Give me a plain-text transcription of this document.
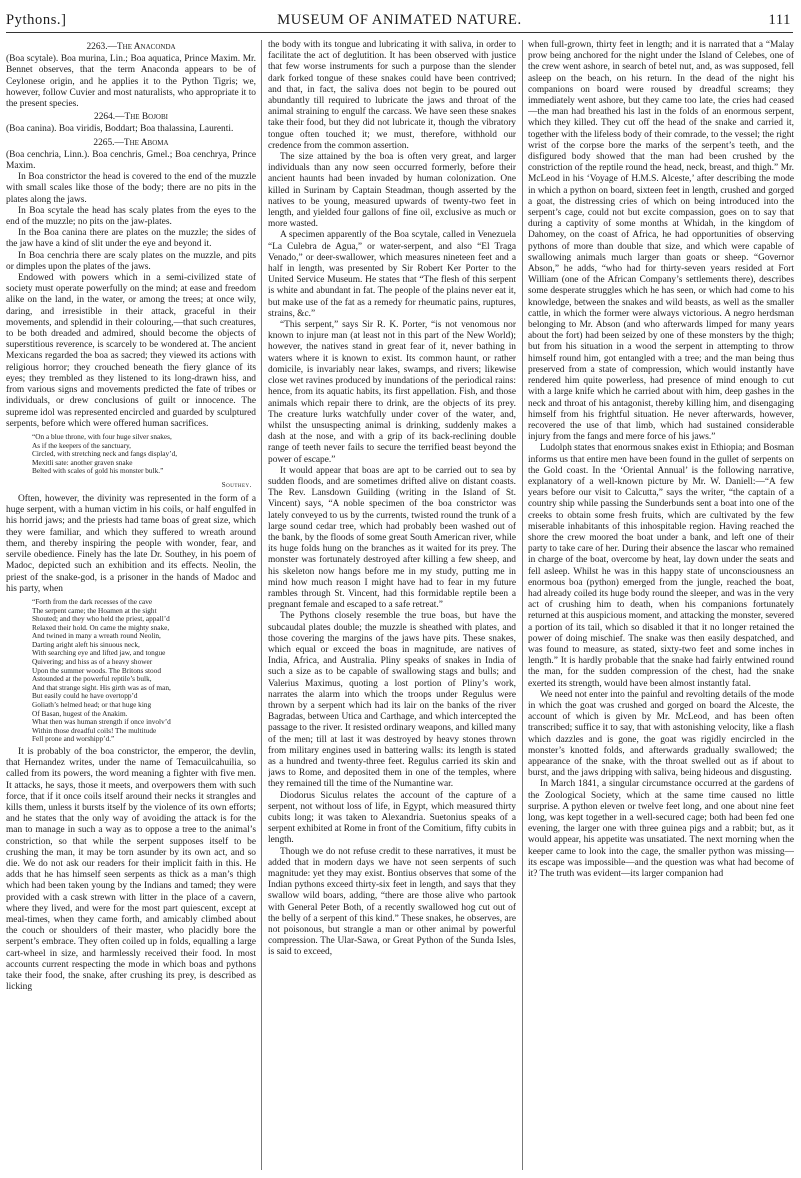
Pythons.]	MUSEUM OF ANIMATED NATURE.	111
2263.—The Anaconda

(Boa scytale). Boa murina, Lin.; Boa aquatica, Prince Maxim. Mr. Bennet observes, that the term Anaconda appears to be of Ceylonese origin, and he applies it to the Python Tigris; we, however, follow Cuvier and most naturalists, who appropriate it to the present species.

2264.—The Bojobi

(Boa canina). Boa viridis, Boddart; Boa thalassina, Laurenti.

2265.—The Aboma

(Boa cenchria, Linn.). Boa cenchris, Gmel.; Boa cenchrya, Prince Maxim.

In Boa constrictor the head is covered to the end of the muzzle with small scales like those of the body; there are no pits in the plates along the jaws.

In Boa scytale the head has scaly plates from the eyes to the end of the muzzle; no pits on the jaw-plates.

In the Boa canina there are plates on the muzzle; the sides of the jaw have a kind of slit under the eye and beyond it.

In Boa cenchria there are scaly plates on the muzzle, and pits or dimples upon the plates of the jaws.

Endowed with powers which in a semi-civilized state of society must operate powerfully on the mind; at ease and freedom alike on the land, in the water, or among the trees; at once wily, daring, and irresistible in their attack, graceful in their movements, and splendid in their colouring,—that such creatures, to be both dreaded and admired, should become the objects of superstitious reverence, is scarcely to be wondered at. The ancient Mexicans regarded the boa as sacred; they viewed its actions with religious horror; they crouched beneath the fiery glance of its eyes; they trembled as they listened to its long-drawn hiss, and from various signs and movements predicted the fate of tribes or individuals, or drew conclusions of guilt or innocence. The supreme idol was represented encircled and guarded by sculptured serpents, before which were offered human sacrifices.

“On a blue throne, with four huge silver snakes,
As if the keepers of the sanctuary,
Circled, with stretching neck and fangs display’d,
Mexitli sate: another graven snake
Belted with scales of gold his monster bulk.”
Southey.

Often, however, the divinity was represented in the form of a huge serpent, with a human victim in his coils, or half engulfed in his horrid jaws; and the priests had tame boas of great size, which they were familiar, and which they suffered to wreath around them, and thereby inspiring the people with wonder, fear, and servile obedience. Finely has the late Dr. Southey, in his poem of Madoc, depicted such an exhibition and its effects. Neolin, the priest of the snake-god, is a prisoner in the hands of Madoc and his party, when

“Forth from the dark recesses of the cave
The serpent came; the Hoamen at the sight
Shouted; and they who held the priest, appall’d
Relaxed their hold. On came the mighty snake,
And twined in many a wreath round Neolin,
Darting aright aleft his sinuous neck,
With searching eye and lifted jaw, and tongue
Quivering; and hiss as of a heavy shower
Upon the summer woods. The Britons stood
Astounded at the powerful reptile’s bulk,
And that strange sight. His girth was as of man,
But easily could he have overtopp’d
Goliath’s helmed head; or that huge king
Of Basan, hugest of the Anakim.
What then was human strength if once involv’d
Within those dreadful coils! The multitude
Fell prone and worshipp’d.”

It is probably of the boa constrictor, the emperor, the devlin, that Hernandez writes, under the name of Temacuilcahuilia, so called from its powers, the word meaning a fighter with five men. It attacks, he says, those it meets, and overpowers them with such force, that if it once coils itself around their necks it strangles and kills them, unless it bursts itself by the violence of its own efforts; and he states that the only way of avoiding the attack is for the man to manage in such a way as to oppose a tree to the animal’s constriction, so that while the serpent supposes itself to be crushing the man, it may be torn asunder by its own act, and so die. We do not ask our readers for their implicit faith in this. He adds that he has himself seen serpents as thick as a man’s thigh which had been taken young by the Indians and tamed; they were provided with a cask strewn with litter in the place of a cavern, where they lived, and were for the most part quiescent, except at meal-times, when they came forth, and amicably climbed about the couch or shoulders of their master, who placidly bore the serpent’s embrace. They often coiled up in folds, equalling a large cart-wheel in size, and harmlessly received their food. In most accounts current respecting the mode in which boas and pythons take their food, the snake, after crushing its prey, is described as licking

the body with its tongue and lubricating it with saliva, in order to facilitate the act of deglutition. It has been observed with justice that few worse instruments for such a purpose than the slender dark forked tongue of these snakes could have been contrived; and that, in fact, the saliva does not begin to be poured out abundantly till required to lubricate the jaws and throat of the animal straining to engulf the carcass. We have seen these snakes take their food, but they did not lubricate it, though the vibratory tongue often touched it; we must, therefore, withhold our credence from the common assertion.

The size attained by the boa is often very great, and larger individuals than any now seen occurred formerly, before their ancient haunts had been invaded by human colonization. One killed in Surinam by Captain Steadman, though asserted by the natives to be young, measured upwards of twenty-two feet in length, and yielded four gallons of fine oil, exclusive as much or more wasted.

A specimen apparently of the Boa scytale, called in Venezuela “La Culebra de Agua,” or water-serpent, and also “El Traga Venado,” or deer-swallower, which measures nineteen feet and a half in length, was presented by Sir Robert Ker Porter to the United Service Museum. He states that “The flesh of this serpent is white and abundant in fat. The people of the plains never eat it, but make use of the fat as a remedy for rheumatic pains, ruptures, strains, &c.”

“This serpent,” says Sir R. K. Porter, “is not venomous nor known to injure man (at least not in this part of the New World); however, the natives stand in great fear of it, never bathing in waters where it is known to exist. Its common haunt, or rather domicile, is invariably near lakes, swamps, and rivers; likewise close wet ravines produced by inundations of the periodical rains: hence, from its aquatic habits, its first appellation. Fish, and those animals which repair there to drink, are the objects of its prey. The creature lurks watchfully under cover of the water, and, whilst the unsuspecting animal is drinking, suddenly makes a dash at the nose, and with a grip of its back-reclining double range of teeth never fails to secure the terrified beast beyond the power of escape.”

It would appear that boas are apt to be carried out to sea by sudden floods, and are sometimes drifted alive on distant coasts. The Rev. Lansdown Guilding (writing in the Island of St. Vincent) says, “A noble specimen of the boa constrictor was lately conveyed to us by the currents, twisted round the trunk of a large sound cedar tree, which had probably been washed out of the bank, by the floods of some great South American river, while its huge folds hung on the branches as it waited for its prey. The monster was fortunately destroyed after killing a few sheep, and his skeleton now hangs before me in my study, putting me in mind how much reason I might have had to fear in my future rambles through St. Vincent, had this formidable reptile been a pregnant female and escaped to a safe retreat.”

The Pythons closely resemble the true boas, but have the subcaudal plates double; the muzzle is sheathed with plates, and those covering the margins of the jaws have pits. These snakes, which equal or exceed the boas in magnitude, are natives of India, Africa, and Australia. Pliny speaks of snakes in India of such a size as to be capable of swallowing stags and bulls; and Valerius Maximus, quoting a lost portion of Pliny’s work, narrates the alarm into which the troops under Regulus were thrown by a serpent which had its lair on the banks of the river Bagradas, between Utica and Carthage, and which intercepted the passage to the river. It resisted ordinary weapons, and killed many of the men; till at last it was destroyed by heavy stones thrown from military engines used in battering walls: its length is stated as a hundred and twenty-three feet. Regulus carried its skin and jaws to Rome, and deposited them in one of the temples, where they remained till the time of the Numantine war.

Diodorus Siculus relates the account of the capture of a serpent, not without loss of life, in Egypt, which measured thirty cubits long; it was taken to Alexandria. Suetonius speaks of a serpent exhibited at Rome in front of the Comitium, fifty cubits in length.

Though we do not refuse credit to these narratives, it must be added that in modern days we have not seen serpents of such magnitude: yet they may exist. Bontius observes that some of the Indian pythons exceed thirty-six feet in length, and says that they swallow wild boars, adding, “there are those alive who partook with General Peter Both, of a recently swallowed hog cut out of the belly of a serpent of this kind.” These snakes, he observes, are not poisonous, but strangle a man or other animal by powerful compression. The Ular-Sawa, or Great Python of the Sunda Isles, is said to exceed,

when full-grown, thirty feet in length; and it is narrated that a “Malay prow being anchored for the night under the Island of Celebes, one of the crew went ashore, in search of betel nut, and, as was supposed, fell asleep on the beach, on his return. In the dead of the night his companions on board were roused by dreadful screams; they immediately went ashore, but they came too late, the cries had ceased —the man had breathed his last in the folds of an enormous serpent, which they killed. They cut off the head of the snake and carried it, together with the lifeless body of their comrade, to the vessel; the right wrist of the corpse bore the marks of the serpent’s teeth, and the disfigured body showed that the man had been crushed by the constriction of the reptile round the head, neck, breast, and thigh.” Mr. McLeod in his ‘Voyage of H.M.S. Alceste,’ after describing the mode in which a python on board, sixteen feet in length, crushed and gorged a goat, the distressing cries of which on being introduced into the serpent’s cage, could not but excite compassion, goes on to say that during a captivity of some months at Whidah, in the kingdom of Dahomey, on the coast of Africa, he had opportunities of observing pythons of more than double that size, and which were capable of swallowing animals much larger than goats or sheep. “Governor Abson,” he adds, “who had for thirty-seven years resided at Fort William (one of the African Company’s settlements there), describes some desperate struggles which he has seen, or which had come to his knowledge, between the snakes and wild beasts, as well as the smaller cattle, in which the former were always victorious. A negro herdsman belonging to Mr. Abson (and who afterwards limped for many years about the fort) had been seized by one of these monsters by the thigh; but from his situation in a wood the serpent in attempting to throw himself round him, got entangled with a tree; and the man being thus preserved from a state of compression, which would instantly have rendered him quite powerless, had presence of mind enough to cut with a large knife which he carried about with him, deep gashes in the neck and throat of his antagonist, thereby killing him, and disengaging himself from his frightful situation. He never afterwards, however, recovered the use of that limb, which had sustained considerable injury from the fangs and mere force of his jaws.”

Ludolph states that enormous snakes exist in Ethiopia; and Bosman informs us that entire men have been found in the gullet of serpents on the Gold coast. In the ‘Oriental Annual’ is the following narrative, explanatory of a well-known picture by Mr. W. Daniell:—“A few years before our visit to Calcutta,” says the writer, “the captain of a country ship while passing the Sunderbunds sent a boat into one of the creeks to obtain some fresh fruits, which are cultivated by the few miserable inhabitants of this inhospitable region. Having reached the shore the crew moored the boat under a bank, and left one of their party to take care of her. During their absence the lascar who remained in charge of the boat, overcome by heat, lay down under the seats and fell asleep. Whilst he was in this happy state of unconsciousness an enormous boa (python) emerged from the jungle, reached the boat, had already coiled its huge body round the sleeper, and was in the very act of crushing him to death, when his companions fortunately returned at this auspicious moment, and attacking the monster, severed a portion of its tail, which so disabled it that it no longer retained the power of doing mischief. The snake was then easily despatched, and was found to measure, as stated, sixty-two feet and some inches in length.” It is hardly probable that the snake had fairly entwined round the man, for the sudden compression of the chest, had the snake exerted its strength, would have been almost instantly fatal.

We need not enter into the painful and revolting details of the mode in which the goat was crushed and gorged on board the Alceste, the account of which is given by Mr. McLeod, and has been often transcribed; suffice it to say, that with astonishing velocity, like a flash which dazzles and is gone, the goat was rigidly encircled in the monster’s knotted folds, and afterwards gradually swallowed; the appearance of the snake, with the throat swelled out as if about to burst, and the jaws dripping with saliva, being hideous and disgusting.

In March 1841, a singular circumstance occurred at the gardens of the Zoological Society, which at the same time caused no little surprise. A python eleven or twelve feet long, and one about nine feet long, was kept together in a well-secured cage; both had been fed one evening, the larger one with three guinea pigs and a rabbit; but, as it would appear, his appetite was unsatiated. The next morning when the keeper came to look into the cage, the smaller python was missing—its escape was impossible—and the question was what had become of it? The truth was evident—its larger companion had
